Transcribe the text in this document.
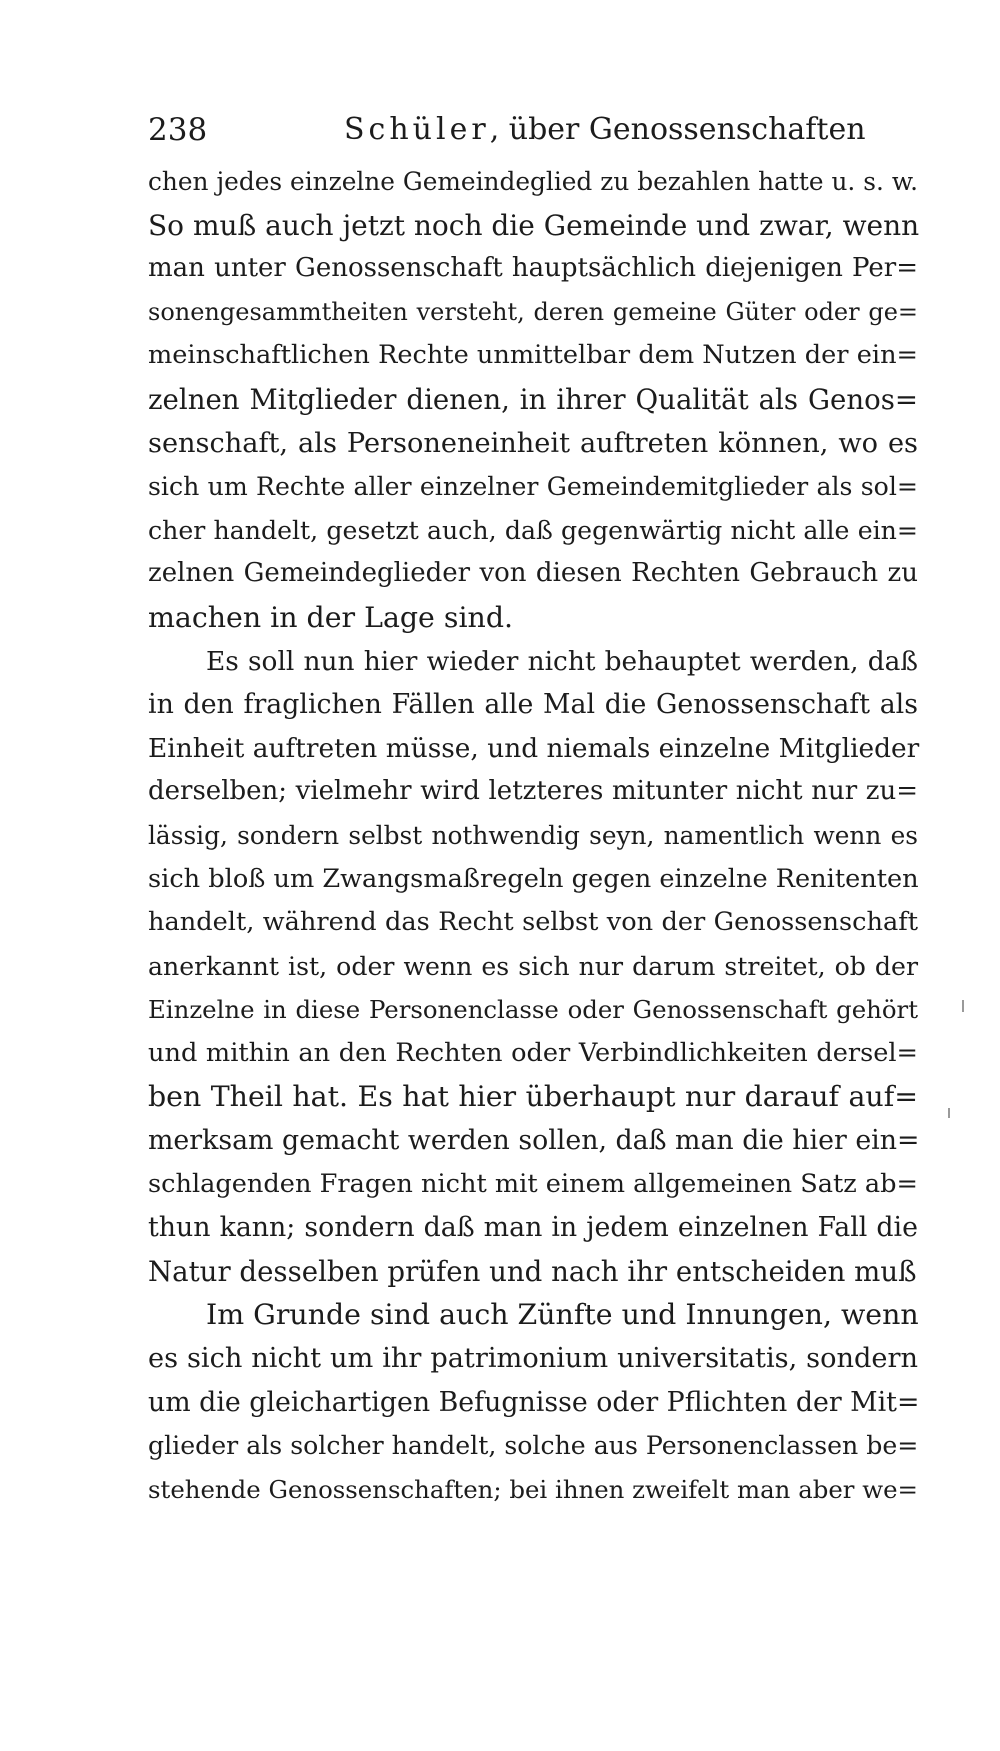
238	Schüler, über Genossenschaften
chen jedes einzelne Gemeindeglied zu bezahlen hatte u. s. w.
So muß auch jetzt noch die Gemeinde und zwar, wenn
man unter Genossenschaft hauptsächlich diejenigen Per=
sonengesammtheiten versteht, deren gemeine Güter oder ge=
meinschaftlichen Rechte unmittelbar dem Nutzen der ein=
zelnen Mitglieder dienen, in ihrer Qualität als Genos=
senschaft, als Personeneinheit auftreten können, wo es
sich um Rechte aller einzelner Gemeindemitglieder als sol=
cher handelt, gesetzt auch, daß gegenwärtig nicht alle ein=
zelnen Gemeindeglieder von diesen Rechten Gebrauch zu
machen in der Lage sind.
Es soll nun hier wieder nicht behauptet werden, daß
in den fraglichen Fällen alle Mal die Genossenschaft als
Einheit auftreten müsse, und niemals einzelne Mitglieder
derselben; vielmehr wird letzteres mitunter nicht nur zu=
lässig, sondern selbst nothwendig seyn, namentlich wenn es
sich bloß um Zwangsmaßregeln gegen einzelne Renitenten
handelt, während das Recht selbst von der Genossenschaft
anerkannt ist, oder wenn es sich nur darum streitet, ob der
Einzelne in diese Personenclasse oder Genossenschaft gehört
und mithin an den Rechten oder Verbindlichkeiten dersel=
ben Theil hat. Es hat hier überhaupt nur darauf auf=
merksam gemacht werden sollen, daß man die hier ein=
schlagenden Fragen nicht mit einem allgemeinen Satz ab=
thun kann; sondern daß man in jedem einzelnen Fall die
Natur desselben prüfen und nach ihr entscheiden muß
Im Grunde sind auch Zünfte und Innungen, wenn
es sich nicht um ihr patrimonium universitatis, sondern
um die gleichartigen Befugnisse oder Pflichten der Mit=
glieder als solcher handelt, solche aus Personenclassen be=
stehende Genossenschaften; bei ihnen zweifelt man aber we=
